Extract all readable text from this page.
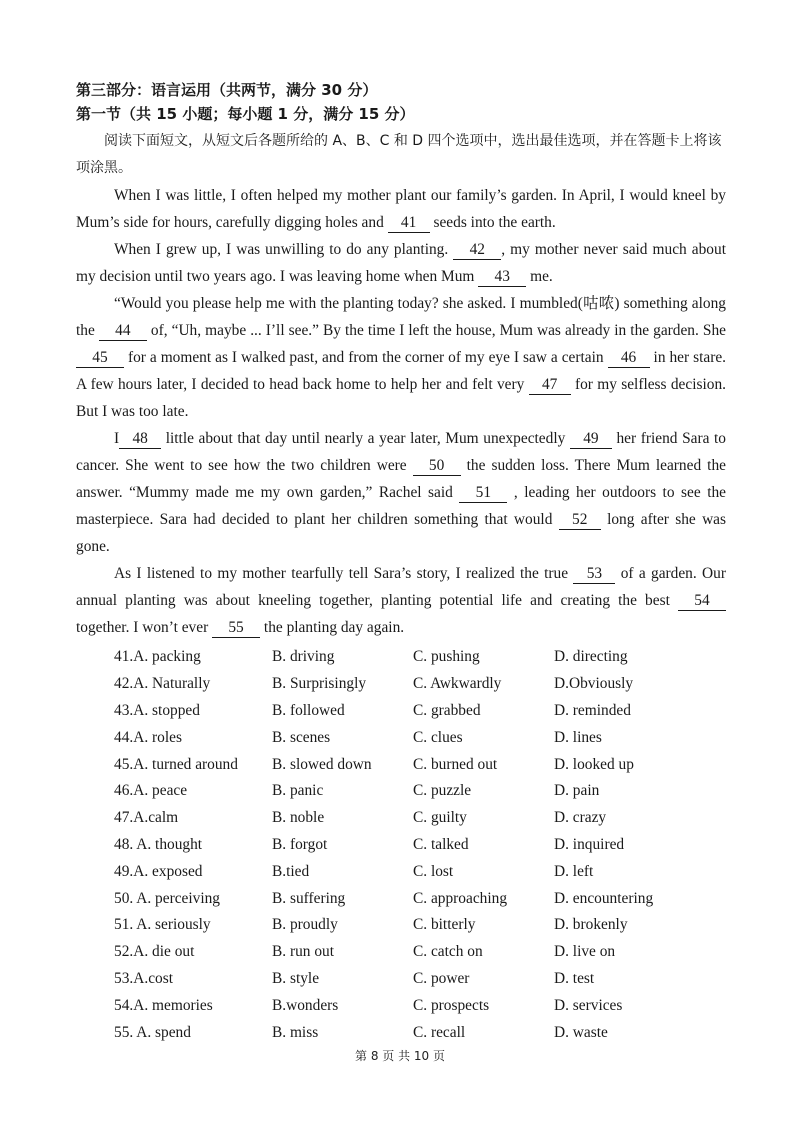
第三部分：语言运用（共两节，满分 30 分）
第一节（共 15 小题；每小题 1 分，满分 15 分）
阅读下面短文，从短文后各题所给的 A、B、C 和 D 四个选项中，选出最佳选项，并在答题卡上将该项涂黑。

When I was little, I often helped my mother plant our family’s garden. In April, I would kneel by Mum’s side for hours, carefully digging holes and 41 seeds into the earth.

When I grew up, I was unwilling to do any planting. 42 , my mother never said much about my decision until two years ago. I was leaving home when Mum 43 me.

“Would you please help me with the planting today? she asked. I mumbled(咕哝) something along the 44 of, “Uh, maybe ... I’ll see.” By the time I left the house, Mum was already in the garden. She 45 for a moment as I walked past, and from the corner of my eye I saw a certain 46 in her stare. A few hours later, I decided to head back home to help her and felt very 47 for my selfless decision. But I was too late.

I 48 little about that day until nearly a year later, Mum unexpectedly 49 her friend Sara to cancer. She went to see how the two children were 50 the sudden loss. There Mum learned the answer. “Mummy made me my own garden,” Rachel said 51 , leading her outdoors to see the masterpiece. Sara had decided to plant her children something that would 52 long after she was gone.

As I listened to my mother tearfully tell Sara’s story, I realized the true 53 of a garden. Our annual planting was about kneeling together, planting potential life and creating the best 54 together. I won’t ever 55 the planting day again.

41.A. packing	B. driving	C. pushing	D. directing
42.A. Naturally	B. Surprisingly	C. Awkwardly	D.Obviously
43.A. stopped	B. followed	C. grabbed	D. reminded
44.A. roles	B. scenes	C. clues	D. lines
45.A. turned around	B. slowed down	C. burned out	D. looked up
46.A. peace	B. panic	C. puzzle	D. pain
47.A.calm	B. noble	C. guilty	D. crazy
48. A. thought	B. forgot	C. talked	D. inquired
49.A. exposed	B.tied	C. lost	D. left
50. A. perceiving	B. suffering	C. approaching	D. encountering
51. A. seriously	B. proudly	C. bitterly	D. brokenly
52.A. die out	B. run out	C. catch on	D. live on
53.A.cost	B. style	C. power	D. test
54.A. memories	B.wonders	C. prospects	D. services
55. A. spend	B. miss	C. recall	D. waste
第 8 页 共 10 页
